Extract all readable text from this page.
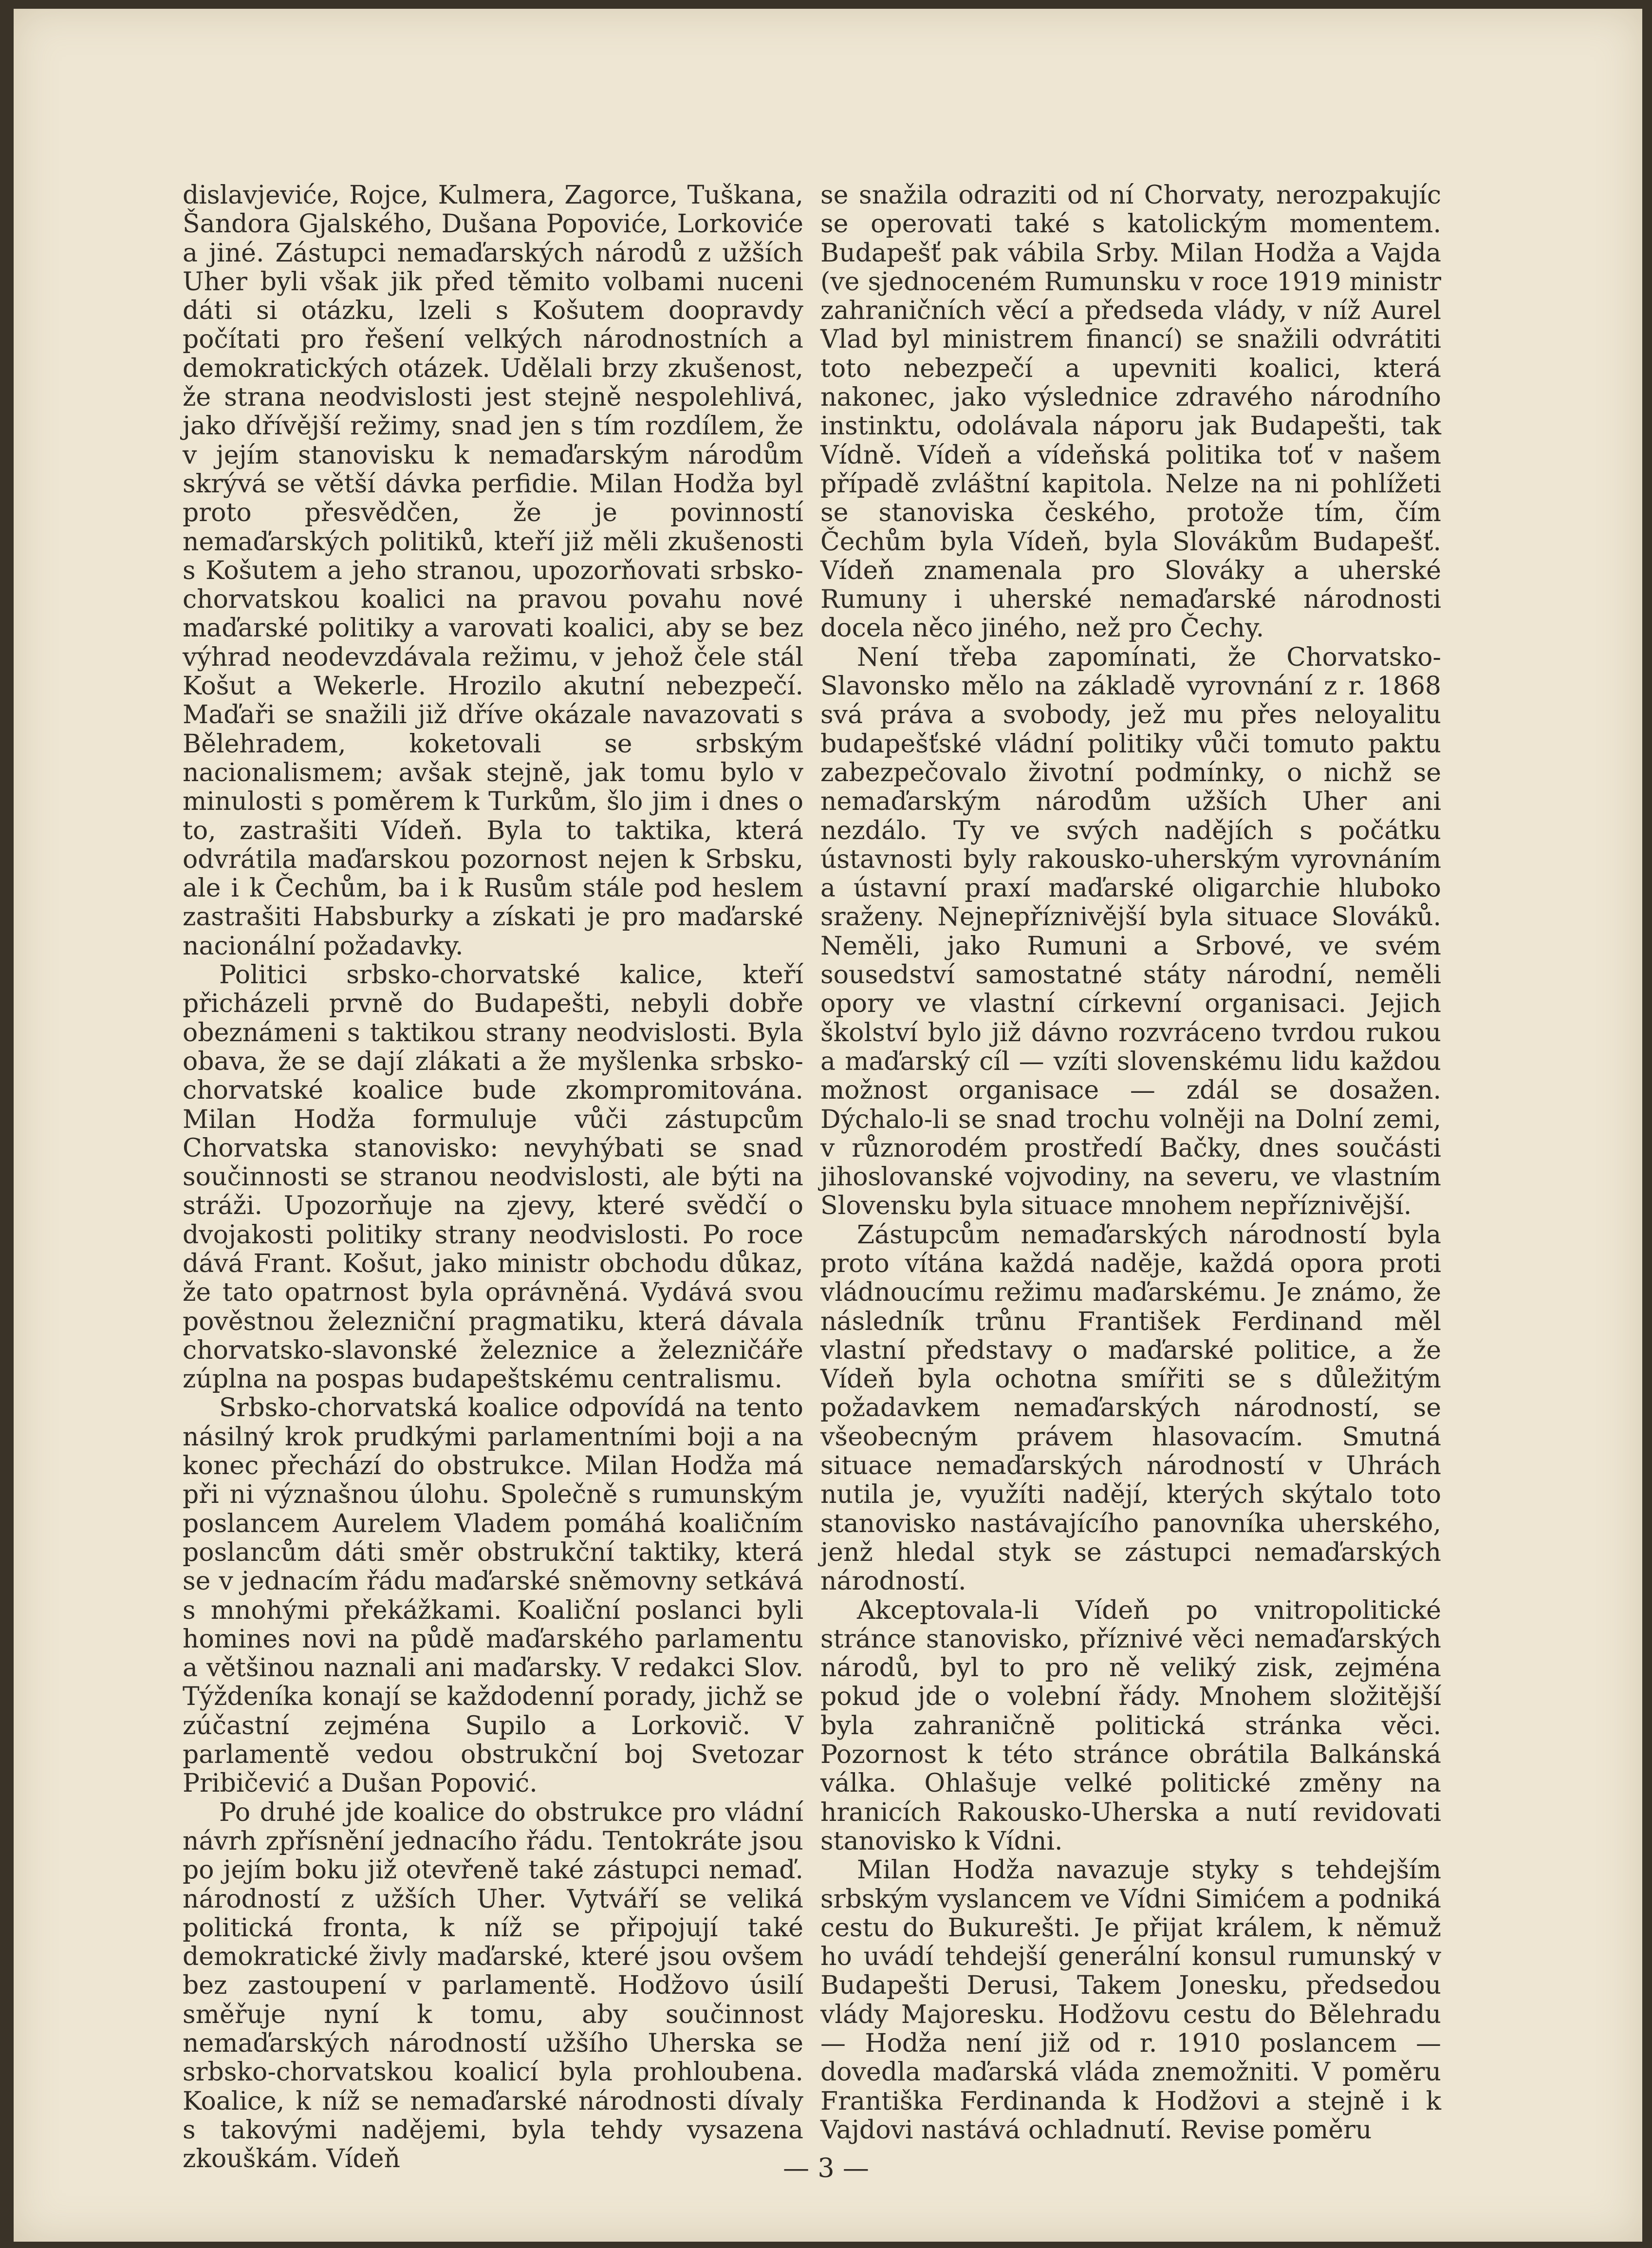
dislavjeviće, Rojce, Kulmera, Zagorce, Tuškana, Šandora Gjalského, Dušana Popoviće, Lorkoviće a jiné. Zástupci nemaďarských národů z užších Uher byli však jik před těmito volbami nuceni dáti si otázku, lzeli s Košutem doopravdy počítati pro řešení velkých národnostních a demokratických otázek. Udělali brzy zkušenost, že strana neodvislosti jest stejně nespolehlivá, jako dřívější režimy, snad jen s tím rozdílem, že v jejím stanovisku k nemaďarským národům skrývá se větší dávka perfidie. Milan Hodža byl proto přesvědčen, že je povinností nemaďarských politiků, kteří již měli zkušenosti s Košutem a jeho stranou, upozorňovati srbsko-chorvatskou koalici na pravou povahu nové maďarské politiky a varovati koalici, aby se bez výhrad neodevzdávala režimu, v jehož čele stál Košut a Wekerle. Hrozilo akutní nebezpečí. Maďaři se snažili již dříve okázale navazovati s Bělehradem, koketovali se srbským nacionalismem; avšak stejně, jak tomu bylo v minulosti s poměrem k Turkům, šlo jim i dnes o to, zastrašiti Vídeň. Byla to taktika, která odvrátila maďarskou pozornost nejen k Srbsku, ale i k Čechům, ba i k Rusům stále pod heslem zastrašiti Habsburky a získati je pro maďarské nacionální požadavky.

Politici srbsko-chorvatské kalice, kteří přicházeli prvně do Budapešti, nebyli dobře obeznámeni s taktikou strany neodvislosti. Byla obava, že se dají zlákati a že myšlenka srbsko-chorvatské koalice bude zkompromitována. Milan Hodža formuluje vůči zástupcům Chorvatska stanovisko: nevyhýbati se snad součinnosti se stranou neodvislosti, ale býti na stráži. Upozorňuje na zjevy, které svědčí o dvojakosti politiky strany neodvislosti. Po roce dává Frant. Košut, jako ministr obchodu důkaz, že tato opatrnost byla oprávněná. Vydává svou pověstnou železniční pragmatiku, která dávala chorvatsko-slavonské železnice a železničáře zúplna na pospas budapeštskému centralismu.

Srbsko-chorvatská koalice odpovídá na tento násilný krok prudkými parlamentními boji a na konec přechází do obstrukce. Milan Hodža má při ni význašnou úlohu. Společně s rumunským poslancem Aurelem Vladem pomáhá koaličním poslancům dáti směr obstrukční taktiky, která se v jednacím řádu maďarské sněmovny setkává s mnohými překážkami. Koaliční poslanci byli homines novi na půdě maďarského parlamentu a většinou naznali ani maďarsky. V redakci Slov. Týždeníka konají se každodenní porady, jichž se zúčastní zejména Supilo a Lorkovič. V parlamentě vedou obstrukční boj Svetozar Pribičević a Dušan Popović.

Po druhé jde koalice do obstrukce pro vládní návrh zpřísnění jednacího řádu. Tentokráte jsou po jejím boku již otevřeně také zástupci nemaď. národností z užších Uher. Vytváří se veliká politická fronta, k níž se připojují také demokratické živly maďarské, které jsou ovšem bez zastoupení v parlamentě. Hodžovo úsilí směřuje nyní k tomu, aby součinnost nemaďarských národností užšího Uherska se srbsko-chorvatskou koalicí byla prohloubena. Koalice, k níž se nemaďarské národnosti dívaly s takovými nadějemi, byla tehdy vysazena zkouškám. Vídeň

se snažila odraziti od ní Chorvaty, nerozpakujíc se operovati také s katolickým momentem. Budapešť pak vábila Srby. Milan Hodža a Vajda (ve sjednoceném Rumunsku v roce 1919 ministr zahraničních věcí a předseda vlády, v níž Aurel Vlad byl ministrem financí) se snažili odvrátiti toto nebezpečí a upevniti koalici, která nakonec, jako výslednice zdravého národního instinktu, odolávala náporu jak Budapešti, tak Vídně. Vídeň a vídeňská politika toť v našem případě zvláštní kapitola. Nelze na ni pohlížeti se stanoviska českého, protože tím, čím Čechům byla Vídeň, byla Slovákům Budapešť. Vídeň znamenala pro Slováky a uherské Rumuny i uherské nemaďarské národnosti docela něco jiného, než pro Čechy.

Není třeba zapomínati, že Chorvatsko-Slavonsko mělo na základě vyrovnání z r. 1868 svá práva a svobody, jež mu přes neloyalitu budapešťské vládní politiky vůči tomuto paktu zabezpečovalo životní podmínky, o nichž se nemaďarským národům užších Uher ani nezdálo. Ty ve svých nadějích s počátku ústavnosti byly rakousko-uherským vyrovnáním a ústavní praxí maďarské oligarchie hluboko sraženy. Nejnepříznivější byla situace Slováků. Neměli, jako Rumuni a Srbové, ve svém sousedství samostatné státy národní, neměli opory ve vlastní církevní organisaci. Jejich školství bylo již dávno rozvráceno tvrdou rukou a maďarský cíl — vzíti slovenskému lidu každou možnost organisace — zdál se dosažen. Dýchalo-li se snad trochu volněji na Dolní zemi, v různorodém prostředí Bačky, dnes součásti jihoslovanské vojvodiny, na severu, ve vlastním Slovensku byla situace mnohem nepříznivější.

Zástupcům nemaďarských národností byla proto vítána každá naděje, každá opora proti vládnoucímu režimu maďarskému. Je známo, že následník trůnu František Ferdinand měl vlastní představy o maďarské politice, a že Vídeň byla ochotna smířiti se s důležitým požadavkem nemaďarských národností, se všeobecným právem hlasovacím. Smutná situace nemaďarských národností v Uhrách nutila je, využíti nadějí, kterých skýtalo toto stanovisko nastávajícího panovníka uherského, jenž hledal styk se zástupci nemaďarských národností.

Akceptovala-li Vídeň po vnitropolitické stránce stanovisko, příznivé věci nemaďarských národů, byl to pro ně veliký zisk, zejména pokud jde o volební řády. Mnohem složitější byla zahraničně politická stránka věci. Pozornost k této stránce obrátila Balkánská válka. Ohlašuje velké politické změny na hranicích Rakousko-Uherska a nutí revidovati stanovisko k Vídni.

Milan Hodža navazuje styky s tehdejším srbským vyslancem ve Vídni Simićem a podniká cestu do Bukurešti. Je přijat králem, k němuž ho uvádí tehdejší generální konsul rumunský v Budapešti Derusi, Takem Jonesku, předsedou vlády Majoresku. Hodžovu cestu do Bělehradu — Hodža není již od r. 1910 poslancem — dovedla maďarská vláda znemožniti. V poměru Františka Ferdinanda k Hodžovi a stejně i k Vajdovi nastává ochladnutí. Revise poměru

— 3 —
